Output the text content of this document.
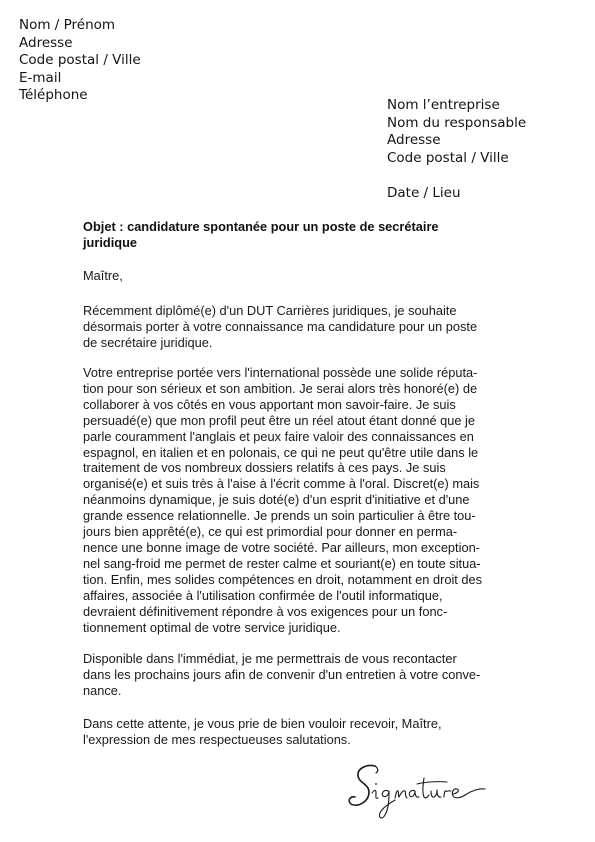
Nom / Prénom
Adresse
Code postal / Ville
E-mail
Téléphone
Nom l’entreprise
Nom du responsable
Adresse
Code postal / Ville
Date / Lieu

Objet : candidature spontanée pour un poste de secrétaire
juridique

Maître,

Récemment diplômé(e) d'un DUT Carrières juridiques, je souhaite
désormais porter à votre connaissance ma candidature pour un poste
de secrétaire juridique.

Votre entreprise portée vers l'international possède une solide réputa-
tion pour son sérieux et son ambition. Je serai alors très honoré(e) de
collaborer à vos côtés en vous apportant mon savoir-faire. Je suis
persuadé(e) que mon profil peut être un réel atout étant donné que je
parle couramment l'anglais et peux faire valoir des connaissances en
espagnol, en italien et en polonais, ce qui ne peut qu'être utile dans le
traitement de vos nombreux dossiers relatifs à ces pays. Je suis
organisé(e) et suis très à l'aise à l'écrit comme à l'oral. Discret(e) mais
néanmoins dynamique, je suis doté(e) d'un esprit d'initiative et d'une
grande essence relationnelle. Je prends un soin particulier à être tou-
jours bien apprêté(e), ce qui est primordial pour donner en perma-
nence une bonne image de votre société. Par ailleurs, mon exception-
nel sang-froid me permet de rester calme et souriant(e) en toute situa-
tion. Enfin, mes solides compétences en droit, notamment en droit des
affaires, associée à l'utilisation confirmée de l'outil informatique,
devraient définitivement répondre à vos exigences pour un fonc-
tionnement optimal de votre service juridique.

Disponible dans l'immédiat, je me permettrais de vous recontacter
dans les prochains jours afin de convenir d'un entretien à votre conve-
nance.

Dans cette attente, je vous prie de bien vouloir recevoir, Maître,
l'expression de mes respectueuses salutations.
